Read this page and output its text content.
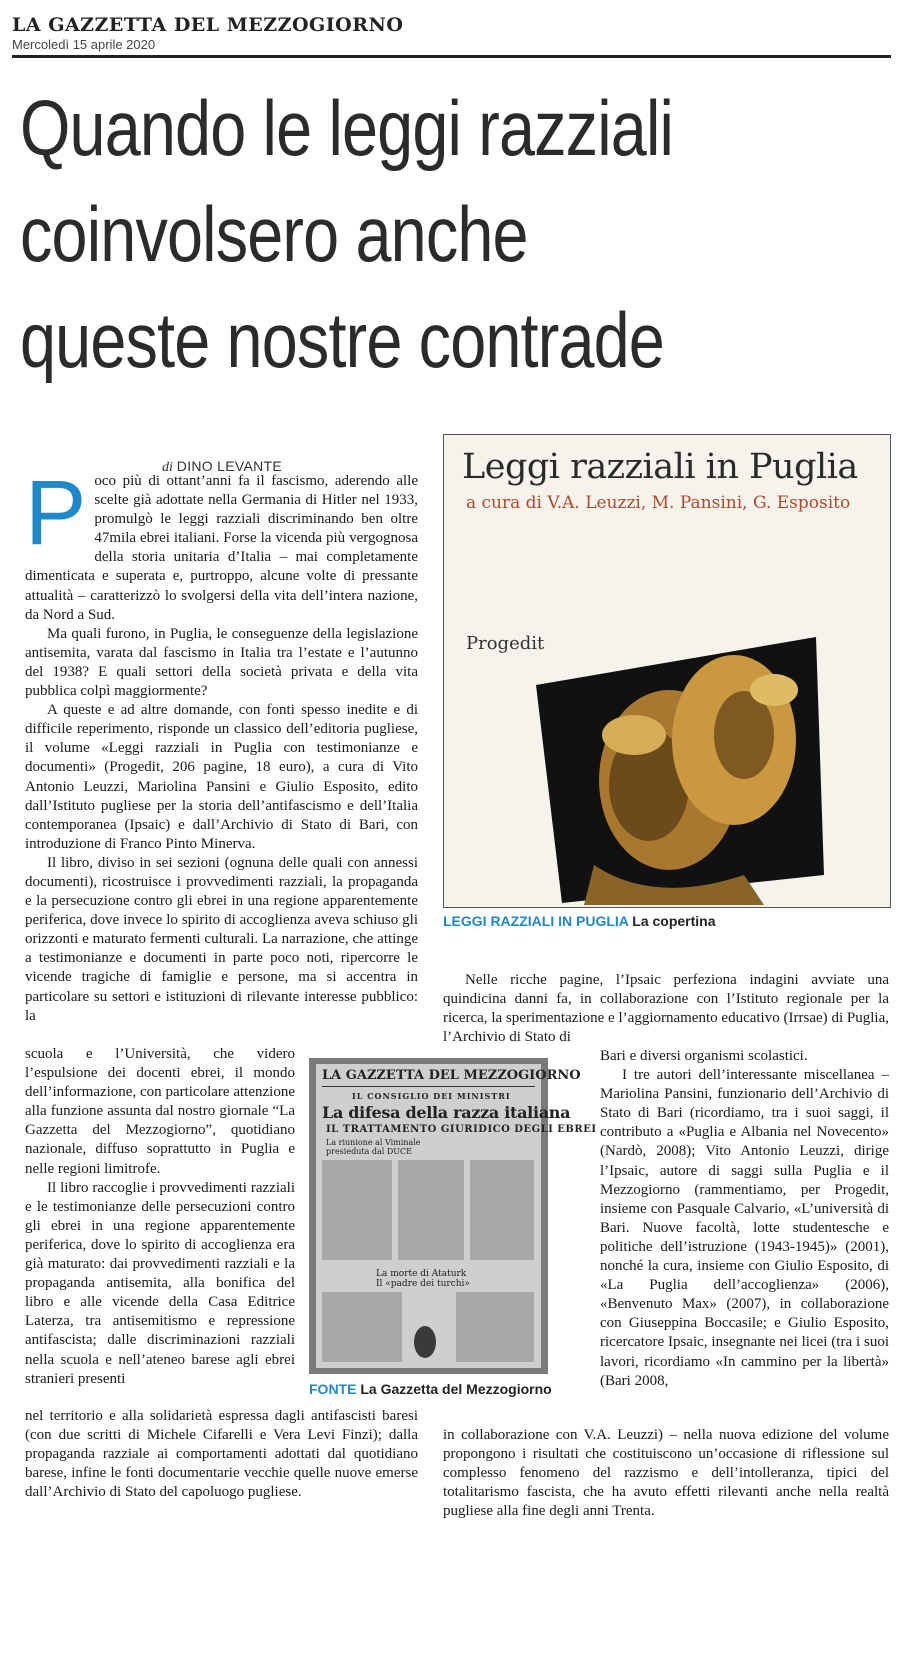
LA GAZZETTA DEL MEZZOGIORNO
Mercoledì 15 aprile 2020
Quando le leggi razziali
coinvolsero anche
queste nostre contrade
di DINO LEVANTE
P oco più di ottant’anni fa il fascismo, aderendo alle scelte già adottate nella Germania di Hitler nel 1933, promulgò le leggi razziali discriminando ben oltre 47mila ebrei italiani. Forse la vicenda più vergognosa della storia unitaria d’Italia – mai completamente dimenticata e superata e, purtroppo, alcune volte di pressante attualità – caratterizzò lo svolgersi della vita dell’intera nazione, da Nord a Sud.

Ma quali furono, in Puglia, le conseguenze della legislazione antisemita, varata dal fascismo in Italia tra l’estate e l’autunno del 1938? E quali settori della società privata e della vita pubblica colpì maggiormente?

A queste e ad altre domande, con fonti spesso inedite e di difficile reperimento, risponde un classico dell’editoria pugliese, il volume «Leggi razziali in Puglia con testimonianze e documenti» (Progedit, 206 pagine, 18 euro), a cura di Vito Antonio Leuzzi, Mariolina Pansini e Giulio Esposito, edito dall’Istituto pugliese per la storia dell’antifascismo e dell’Italia contemporanea (Ipsaic) e dall’Archivio di Stato di Bari, con introduzione di Franco Pinto Minerva.

Il libro, diviso in sei sezioni (ognuna delle quali con annessi documenti), ricostruisce i provvedimenti razziali, la propaganda e la persecuzione contro gli ebrei in una regione apparentemente periferica, dove invece lo spirito di accoglienza aveva schiuso gli orizzonti e maturato fermenti culturali. La narrazione, che attinge a testimonianze e documenti in parte poco noti, ripercorre le vicende tragiche di famiglie e persone, ma si accentra in particolare su settori e istituzioni di rilevante interesse pubblico: la

scuola e l’Università, che videro l’espulsione dei docenti ebrei, il mondo dell’informazione, con particolare attenzione alla funzione assunta dal nostro giornale “La Gazzetta del Mezzogiorno”, quotidiano nazionale, diffuso soprattutto in Puglia e nelle regioni limitrofe.

Il libro raccoglie i provvedimenti razziali e le testimonianze delle persecuzioni contro gli ebrei in una regione apparentemente periferica, dove lo spirito di accoglienza era già maturato: dai provvedimenti razziali e la propaganda antisemita, alla bonifica del libro e alle vicende della Casa Editrice Laterza, tra antisemitismo e repressione antifascista; dalle discriminazioni razziali nella scuola e nell’ateneo barese agli ebrei stranieri presenti

nel territorio e alla solidarietà espressa dagli antifascisti baresi (con due scritti di Michele Cifarelli e Vera Levi Finzi); dalla propaganda razziale ai comportamenti adottati dal quotidiano barese, infine le fonti documentarie vecchie quelle nuove emerse dall’Archivio di Stato del capoluogo pugliese.

Leggi razziali in Puglia
a cura di V.A. Leuzzi, M. Pansini, G. Esposito
Progedit
LEGGI RAZZIALI IN PUGLIA La copertina

Nelle ricche pagine, l’Ipsaic perfeziona indagini avviate una quindicina danni fa, in collaborazione con l’Istituto regionale per la ricerca, la sperimentazione e l’aggiornamento educativo (Irrsae) di Puglia, l’Archivio di Stato di

Bari e diversi organismi scolastici.

I tre autori dell’interessante miscellanea – Mariolina Pansini, funzionario dell’Archivio di Stato di Bari (ricordiamo, tra i suoi saggi, il contributo a «Puglia e Albania nel Novecento» (Nardò, 2008); Vito Antonio Leuzzi, dirige l’Ipsaic, autore di saggi sulla Puglia e il Mezzogiorno (rammentiamo, per Progedit, insieme con Pasquale Calvario, «L’università di Bari. Nuove facoltà, lotte studentesche e politiche dell’istruzione (1943-1945)» (2001), nonché la cura, insieme con Giulio Esposito, di «La Puglia dell’accoglienza» (2006), «Benvenuto Max» (2007), in collaborazione con Giuseppina Boccasile; e Giulio Esposito, ricercatore Ipsaic, insegnante nei licei (tra i suoi lavori, ricordiamo «In cammino per la libertà» (Bari 2008,

in collaborazione con V.A. Leuzzi) – nella nuova edizione del volume propongono i risultati che costituiscono un’occasione di riflessione sul complesso fenomeno del razzismo e dell’intolleranza, tipici del totalitarismo fascista, che ha avuto effetti rilevanti anche nella realtà pugliese alla fine degli anni Trenta.

LA GAZZETTA DEL MEZZOGIORNO
IL CONSIGLIO DEI MINISTRI
La difesa della razza italiana
IL TRATTAMENTO GIURIDICO DEGLI EBREI
La riunione al Viminale
presieduta dal DUCE
La morte di Ataturk
Il «padre dei turchi»
FONTE La Gazzetta del Mezzogiorno
